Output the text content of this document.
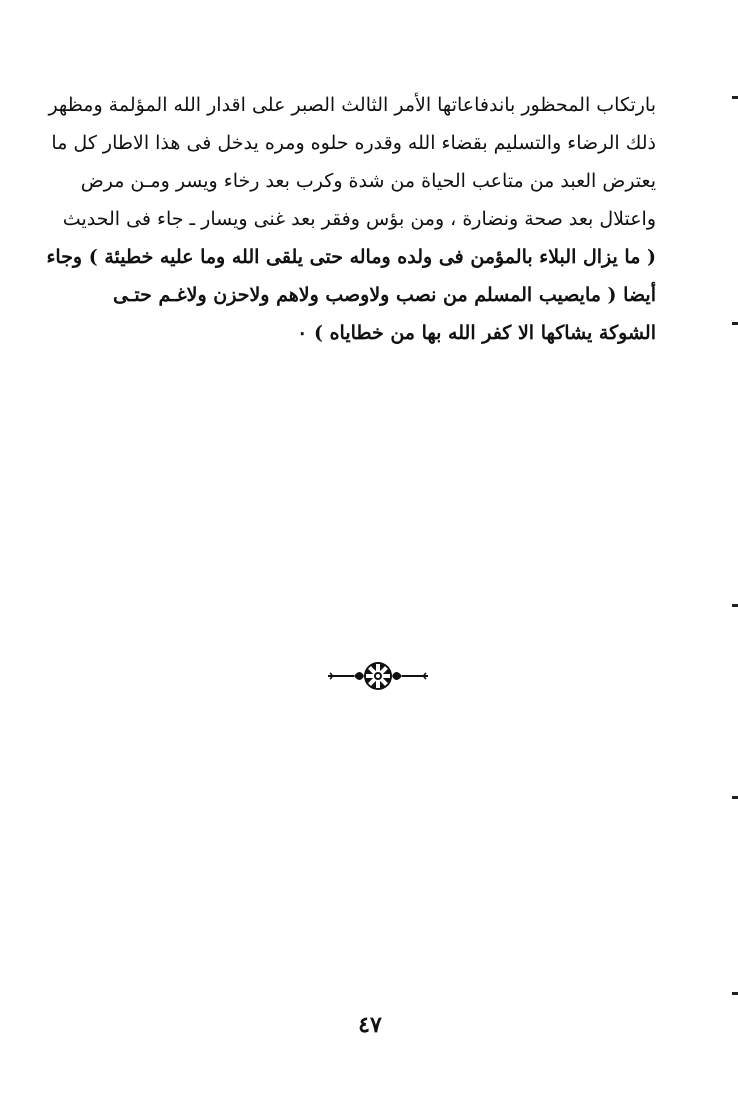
بارتكاب المحظور باندفاعاتها الأمر الثالث الصبر على اقدار الله المؤلمة ومظهر
ذلك الرضاء والتسليم بقضاء الله وقدره حلوه ومره يدخل فى هذا الاطار كل ما
يعترض العبد من متاعب الحياة من شدة وكرب بعد رخاء ويسر ومـن مرض
واعتلال بعد صحة ونضارة ، ومن بؤس وفقر بعد غنى ويسار ـ جاء فى الحديث
( ما يزال البلاء بالمؤمن فى ولده وماله حتى يلقى الله وما عليه خطيئة ) وجاء
أيضا ( مايصيب المسلم من نصب ولاوصب ولاهم ولاحزن ولاغـم حتـى
الشوكة يشاكها الا كفر الله بها من خطاياه ) ٠
٤٧
